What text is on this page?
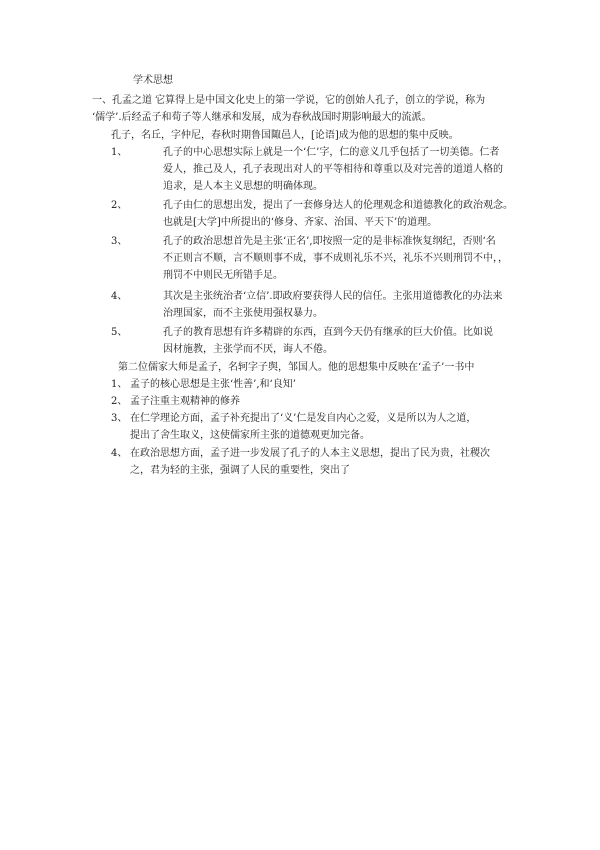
学术思想
一、孔孟之道 它算得上是中国文化史上的第一学说，它的创始人孔子，创立的学说，称为
‘儒学’.后经孟子和荀子等人继承和发展，成为春秋战国时期影响最大的流派。
孔子，名丘，字仲尼，春秋时期鲁国陬邑人，[论语]成为他的思想的集中反映。
1、	孔子的中心思想实际上就是一个‘仁’字，仁的意义几乎包括了一切美德。仁者
爱人，推己及人，孔子表现出对人的平等相待和尊重以及对完善的道道人格的
追求，是人本主义思想的明确体现。
2、	孔子由仁的思想出发，提出了一套修身达人的伦理观念和道德教化的政治观念。
也就是[大学]中所提出的‘修身、齐家、治国、平天下’的道理。
3、	孔子的政治思想首先是主张‘正名’,即按照一定的是非标准恢复纲纪，否则‘名
不正则言不顺，言不顺则事不成，事不成则礼乐不兴，礼乐不兴则刑罚不中，，
刑罚不中则民无所错手足。
4、	其次是主张统治者‘立信’.即政府要获得人民的信任。主张用道德教化的办法来
治理国家，而不主张使用强权暴力。
5、	孔子的教育思想有许多精辟的东西，直到今天仍有继承的巨大价值。比如说
因材施教，主张学而不厌，诲人不倦。
第二位儒家大师是孟子，名轲字子舆，邹国人。他的思想集中反映在‘孟子’一书中
1、 孟子的核心思想是主张‘性善’,和‘良知’
2、 孟子注重主观精神的修养
3、 在仁学理论方面，孟子补充提出了‘义’仁是发自内心之爱，义是所以为人之道，
提出了舍生取义，这使儒家所主张的道德观更加完备。
4、 在政治思想方面，孟子进一步发展了孔子的人本主义思想，提出了民为贵，社稷次
之，君为轻的主张，强调了人民的重要性，突出了
